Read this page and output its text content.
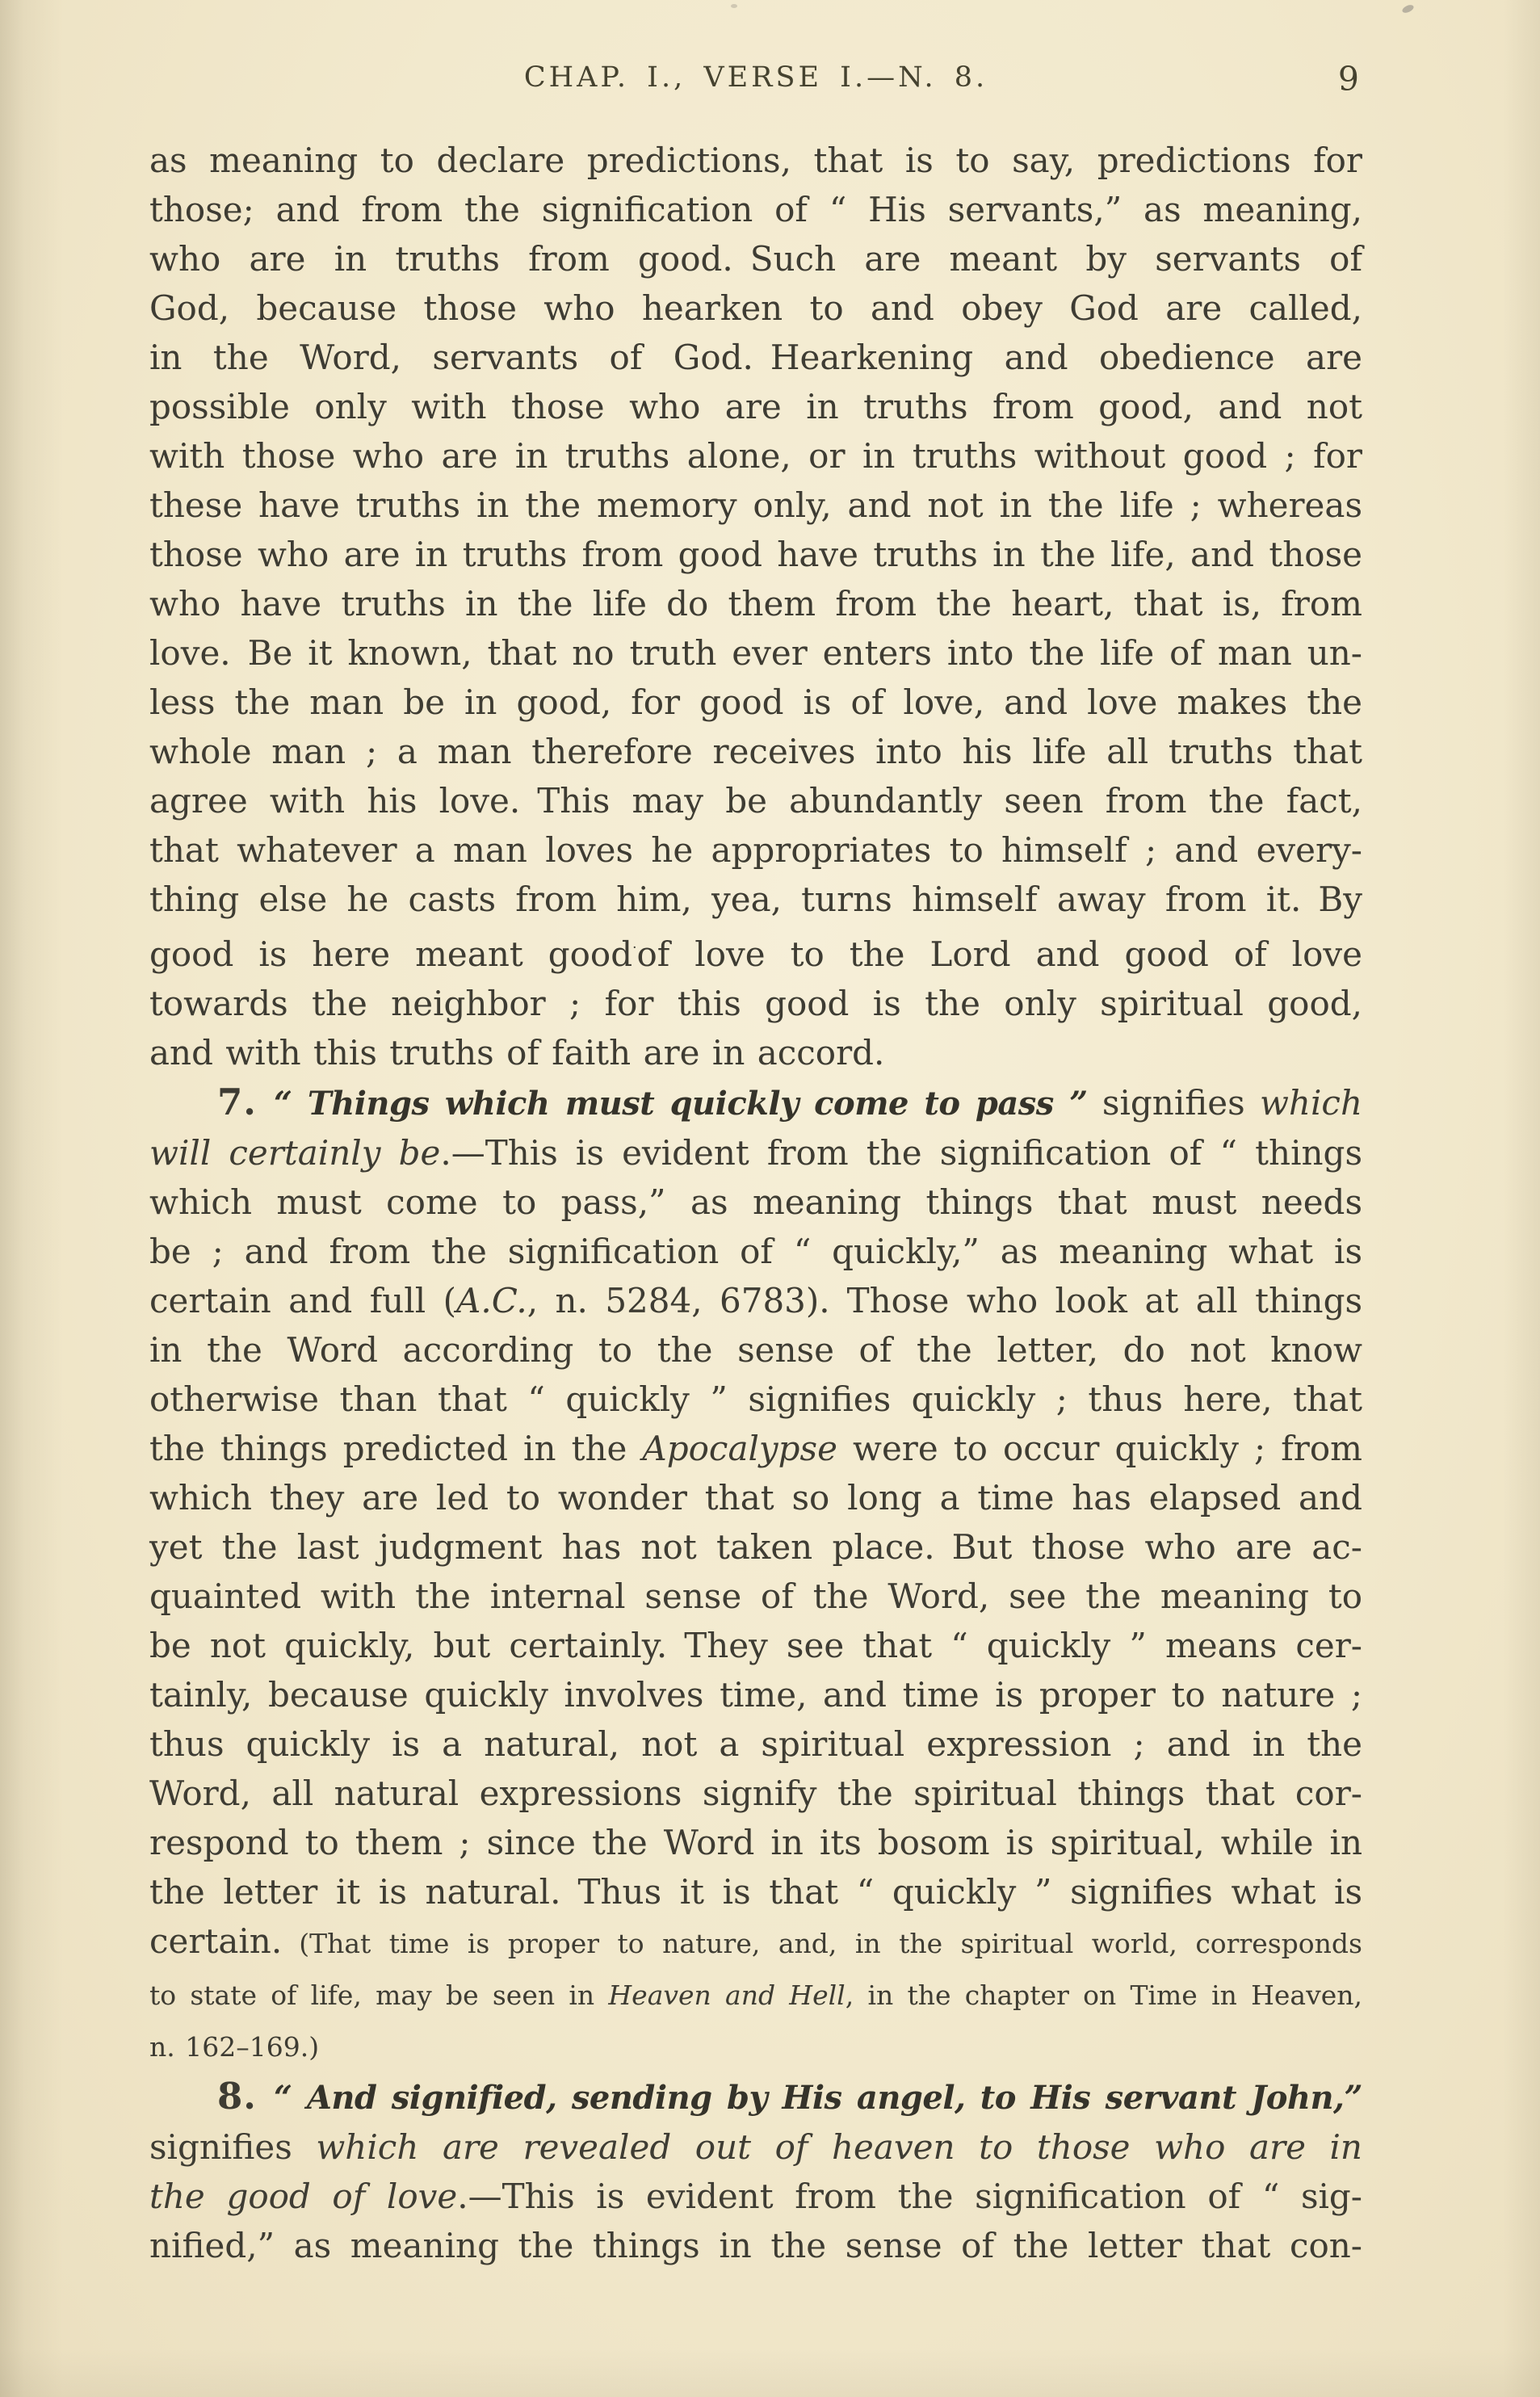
CHAP. I., VERSE I.—N. 8.	9
as meaning to declare predictions, that is to say, predictions for
those; and from the signification of “ His servants,” as meaning,
who are in truths from good. Such are meant by servants of
God, because those who hearken to and obey God are called,
in the Word, servants of God. Hearkening and obedience are
possible only with those who are in truths from good, and not
with those who are in truths alone, or in truths without good ; for
these have truths in the memory only, and not in the life ; whereas
those who are in truths from good have truths in the life, and those
who have truths in the life do them from the heart, that is, from
love. Be it known, that no truth ever enters into the life of man un-
less the man be in good, for good is of love, and love makes the
whole man ; a man therefore receives into his life all truths that
agree with his love. This may be abundantly seen from the fact,
that whatever a man loves he appropriates to himself ; and every-
thing else he casts from him, yea, turns himself away from it. By
good is here meant good·of love to the Lord and good of love
towards the neighbor ; for this good is the only spiritual good,
and with this truths of faith are in accord.
7.  “ Things which must quickly come to pass ” signifies which
will certainly be.—This is evident from the signification of “ things
which must come to pass,” as meaning things that must needs
be ; and from the signification of “ quickly,” as meaning what is
certain and full (A.C., n. 5284, 6783). Those who look at all things
in the Word according to the sense of the letter, do not know
otherwise than that “ quickly ” signifies quickly ; thus here, that
the things predicted in the Apocalypse were to occur quickly ; from
which they are led to wonder that so long a time has elapsed and
yet the last judgment has not taken place. But those who are ac-
quainted with the internal sense of the Word, see the meaning to
be not quickly, but certainly. They see that “ quickly ” means cer-
tainly, because quickly involves time, and time is proper to nature ;
thus quickly is a natural, not a spiritual expression ; and in the
Word, all natural expressions signify the spiritual things that cor-
respond to them ; since the Word in its bosom is spiritual, while in
the letter it is natural. Thus it is that “ quickly ” signifies what is
certain. (That time is proper to nature, and, in the spiritual world, corresponds
to state of life, may be seen in Heaven and Hell, in the chapter on Time in Heaven,
n. 162–169.)
8.  “ And signified, sending by His angel, to His servant John,”
signifies which are revealed out of heaven to those who are in
the good of love.—This is evident from the signification of “ sig-
nified,” as meaning the things in the sense of the letter that con-
